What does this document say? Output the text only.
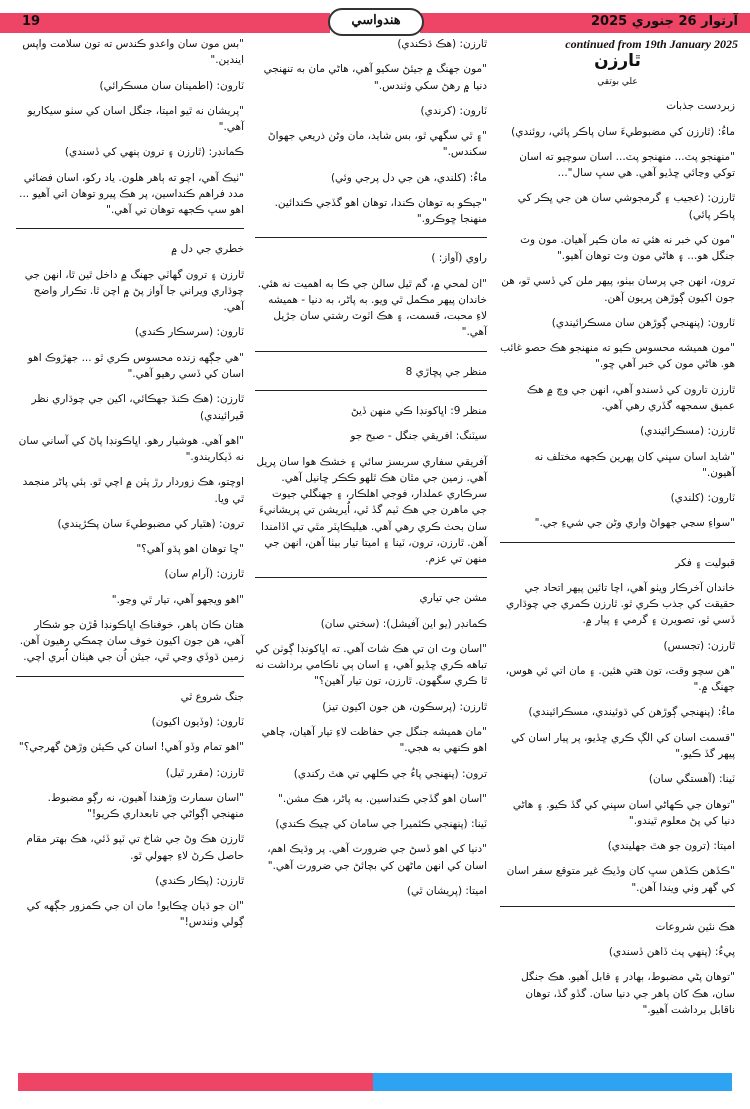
19	هندواسي	آرتوار 26 جنوري 2025
continued from 19th January 2025
ٿارزن
علي بوتقي

زبردست جذبات

ماءُ: (ٿارزن کي مضبوطيءَ سان پاڪر پائي، روئندي)

"منهنجو پٽ... منهنجو پٽ... اسان سوچيو ته اسان توکي وڃائي ڇڏيو آهي. هي سڀ سال"...

ٿارزن: (عجيب ۽ گرمجوشي سان هن جي ڀڪر کي پاڪر پائي)

"مون کي خبر نه هئي ته مان ڪير آهيان. مون وٽ جنگل هو... ۽ هاڻي مون وٽ توهان آهيو."

ترون، انهن جي پرسان بيٺو، پيهر ملن کي ڏسي ٿو، هن جون اکيون ڳوڙهن ڀريون آهن.

ٽارون: (پنهنجي ڳوڙهن سان مسڪرائيندي)

"مون هميشه محسوس ڪيو ته منهنجو هڪ حصو غائب هو. هاڻي مون کي خبر آهي ڇو."

ٿارزن تارون کي ڏسندو آهي، انهن جي وچ ۾ هڪ عميق سمجهه گڏري رهي آهي.

ٿارزن: (مسڪرائيندي)

"شايد اسان سڀني کان پهرين ڪجهه مختلف نه آهيون."

ٽارون: (کلندي)

"سواءِ سڃي جهواڻ واري وڻن جي شيءِ جي."

قبوليت ۽ فکر

خاندان آخرڪار ويٺو آهي، اچا تائين پيهر اتحاد جي حقيقت کي جذب ڪري ٿو. ٿارزن ڪمري جي چوڌاري ڏسي ٿو، تصويرن ۽ گرمي ۽ پيار ۾.

ٿارزن: (تجسس)

"هن سچو وقت، تون هتي هئين. ۽ مان اتي ئي هوس، جهنگ ۾."

ماءُ: (پنهنجي ڳوڙهن کي ڌوئيندي، مسڪرائيندي)

"قسمت اسان کي الڳ ڪري ڇڏيو، پر پيار اسان کي پيهر گڏ ڪيو."

ٽينا: (آهستگي سان)

"توهان جي ڪهاڻي اسان سڀني کي گڏ ڪيو. ۽ هاڻي دنيا کي پڻ معلوم ٿيندو."

اميتا: (ترون جو هٿ جهليندي)

"ڪڏهن ڪڏهن سڀ کان وڏيڪ غير متوقع سفر اسان کي گهر وٺي ويندا آهن."

هڪ نئين شروعات

پيءُ: (پنهي پٺ ڏاهن ڏسندي)

"توهان پڻي مضبوط، بهادر ۽ قابل آهيو. هڪ جنگل سان، هڪ کان ٻاهر جي دنيا سان. گڏو گڏ، توهان ناقابل برداشت آهيو."

ٿارزن: (هڪ ڌڪندي)

"مون جهنگ ۾ جيئڻ سکيو آهي، هاڻي مان به تنهنجي دنيا ۾ رهڻ سکي وٺندس."

ٽارون: (کرندي)

"۽ ٿي سگهي ٿو، بس شايد، مان وڻن ذريعي جهواڻ سکندس."

ماءُ: (کلندي، هن جي دل پرجي وئي)

"جيڪو به توهان ڪندا، توهان اهو گڏجي ڪندائين. منهنجا ڇوڪرو."

راوي (آواز: )

"ان لمحي ۾، گم ٿيل سالن جي ڪا به اهميت نه هئي. خاندان پيهر مڪمل ٿي ويو. به پاڻر، به دنيا - هميشه لاءِ محبت، قسمت، ۽ هڪ اٽوٽ رشتي سان جڙيل آهي."

منظر جي پڇاڙي 8

منظر 9: اڀاکونڊا ڪي منهن ڏيڻ

سيٽنگ: افريقي جنگل - صبح جو

آفريقي سفاري سربسز سائي ۽ خشڪ هوا سان پريل آهي. زمين جي مٿان هڪ ٿلهو ڪڪر ڇانيل آهي. سرڪاري عملدار، فوجي اهلڪار، ۽ جهنگلي جيوت جي ماهرن جي هڪ ٽيم گڏ ٿي، اُيريشن تي پريشانيءَ سان بحث ڪري رهي آهي. هيليڪاپٽر مٿي تي اڏامندا آهن. ٿارزن، ترون، ٽينا ۽ اميتا تيار بيٺا آهن، انهن جي منهن تي عزم.

مشن جي تياري

ڪمانڊر (يو اين آفيشل): (سختي سان)

"اسان وٽ ان تي هڪ شاٽ آهي. ته اڀاکونڊا ڳوٺن کي تباهه ڪري ڇڏيو آهي، ۽ اسان ٻي ناڪامي برداشت نه ٿا ڪري سگهون. ٿارزن، تون تيار آهين؟"

ٿارزن: (پرسڪون، هن جون اکيون تيز)

"مان هميشه جنگل جي حفاظت لاءِ تيار آهيان، چاهي اهو ڪنهي به هجي."

ترون: (پنهنجي پاءُ جي ڪلهي تي هٿ رکندي)

"اسان اهو گڏجي ڪنداسين. به پاڻر، هڪ مشن."

ٽينا: (پنهنجي ڪئميرا جي سامان کي چيڪ ڪندي)

"دنيا کي اهو ڏسڻ جي ضرورت آهي. پر وڌيڪ اهم، اسان کي انهن ماڻهن کي بچائڻ جي ضرورت آهي."

اميتا: (پريشان ٿي)

"بس مون سان واعدو ڪندس ته تون سلامت واپس ايندين."

ٽارون: (اطمينان سان مسڪرائي)

"پريشان نه ٿيو اميتا، جنگل اسان کي سٺو سيکاريو آهي."

ڪمانڊر: (ٿارزن ۽ ترون ٻنهي کي ڏسندي)

"ٺيڪ آهي، اچو ته ٻاهر هلون. ياد رکو، اسان فضائي مدد فراهم ڪنداسين، پر هڪ پيرو توهان اتي آهيو ... اهو سڀ ڪجهه توهان تي آهي."

خطري جي دل ۾

ٿارزن ۽ ترون گهاٽي جهنگ ۾ داخل ٿين ٿا، انهن جي چوڌاري ويراني جا آواز پڻ ۾ اچن ٿا. تڪرار واضح آهي.

ٽارون: (سرسڪار ڪندي)

"هي جڳهه زنده محسوس ڪري ٿو ... جهڙوڪ اهو اسان کي ڏسي رهيو آهي."

ٿارزن: (هڪ ڪنڌ جهڪائي، اکين جي چوڌاري نظر ڦيرائيندي)

"اهو آهي. هوشيار رهو. اڀاڪونڊا پاڻ کي آساني سان نه ڏيکاريندو."

اوچتو، هڪ زوردار رڙ پٽن ۾ اچي ٿو. ٻئي پاڻر منجمد ٿي ويا.

ترون: (هٿيار کي مضبوطيءَ سان پڪڙيندي)

"ڇا توهان اهو پڌو آهي؟"

ٿارزن: (آرام سان)

"اهو ويجهو آهي، تيار ٿي وڃو."

هتان ڪان ٻاهر، خوفناڪ اڀاڪونڊا ڦڙن جو شڪار آهي، هن جون اکيون خوف سان چمڪي رهيون آهن. زمين ڌوڏي وڃي ٿي، جيئن اُن جي هيٺان اُبري اچي.

جنگ شروع ٿي

ٽارون: (وڏيون اکيون)

"اهو تمام وڏو آهي! اسان کي ڪيئن وڙهڻ گهرجي؟"

ٿارزن: (مقرر ٿيل)

"اسان سمارٽ وڙهندا آهيون، نه رڳو مضبوط. منهنجي اڳواڻي جي تابعداري ڪريو!"

ٿارزن هڪ وڻ جي شاخ تي ٽپو ڏئي، هڪ بهتر مقام حاصل ڪرڻ لاءِ جهولي ٿو.

ٿارزن: (پڪار ڪندي)

"ان جو ڌيان ڇڪايو! مان ان جي ڪمزور جڳهه کي ڳولي وٺندس!"
